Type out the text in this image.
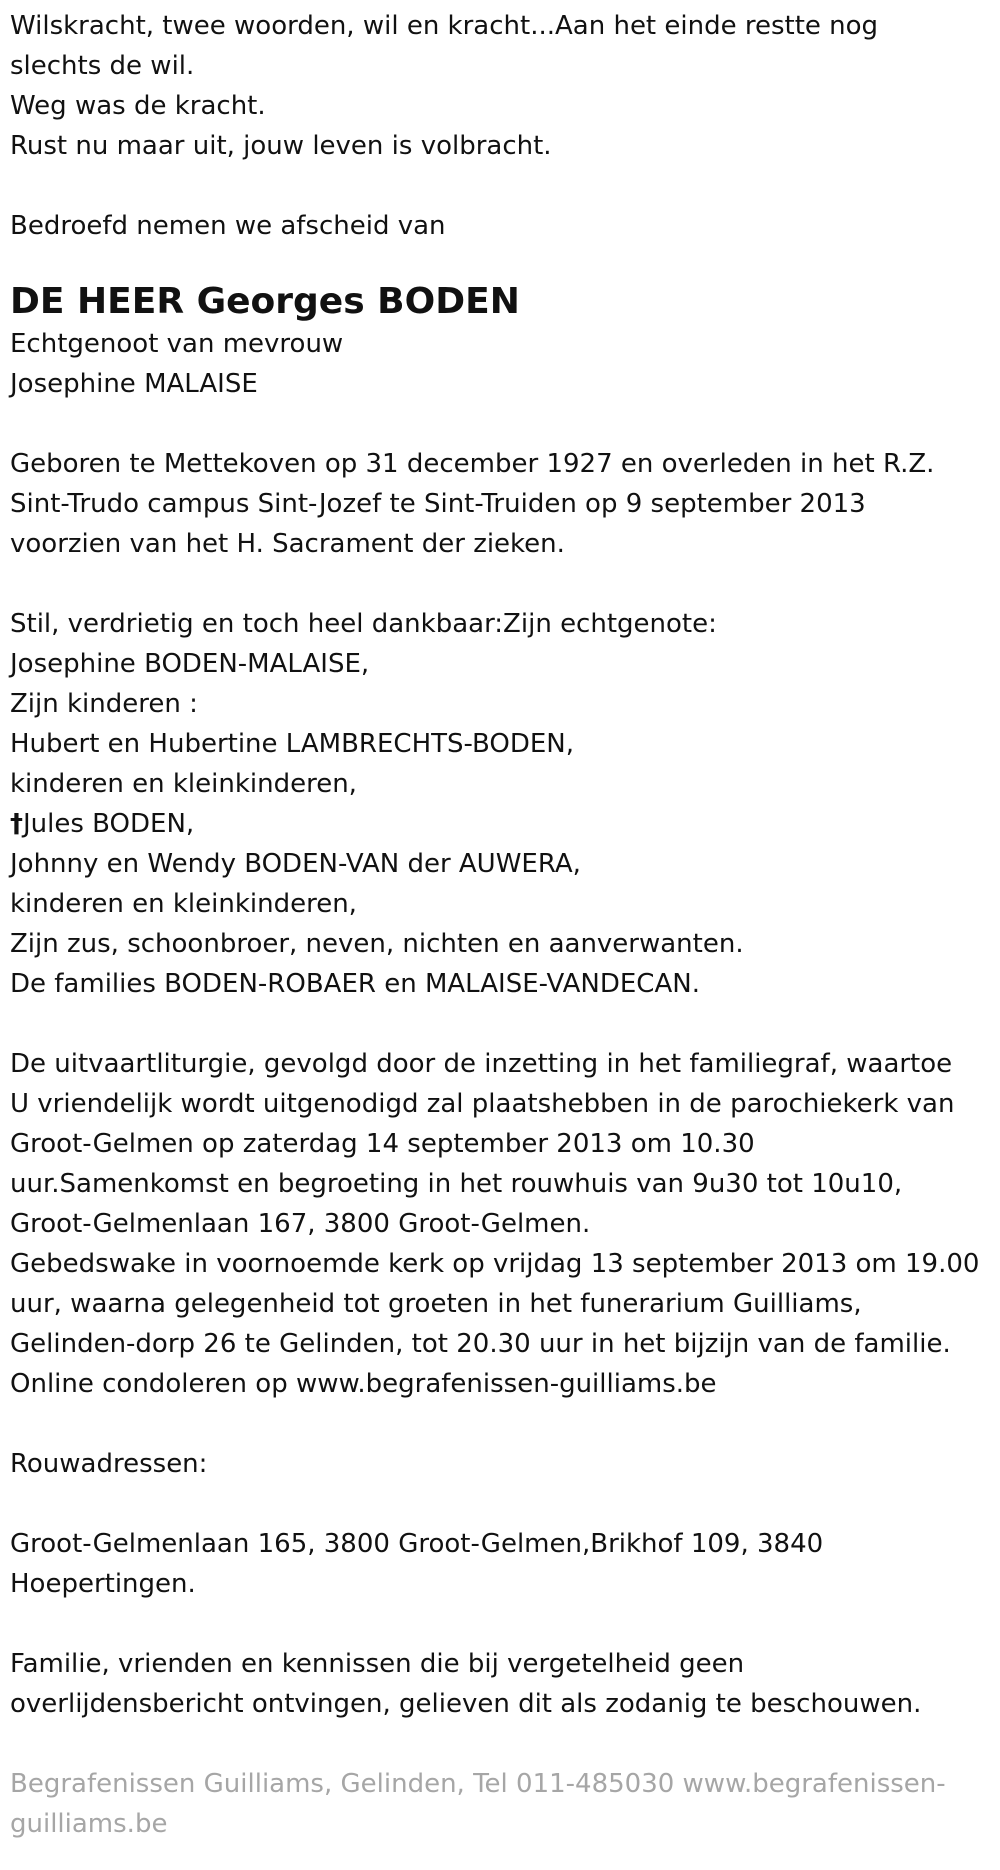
Wilskracht, twee woorden, wil en kracht...Aan het einde restte nog
slechts de wil.
Weg was de kracht.
Rust nu maar uit, jouw leven is volbracht.
Bedroefd nemen we afscheid van
DE HEER Georges BODEN
Echtgenoot van mevrouw
Josephine MALAISE
Geboren te Mettekoven op 31 december 1927 en overleden in het R.Z.
Sint-Trudo campus Sint-Jozef te Sint-Truiden op 9 september 2013
voorzien van het H. Sacrament der zieken.
Stil, verdrietig en toch heel dankbaar:Zijn echtgenote:
Josephine BODEN-MALAISE,
Zijn kinderen :
Hubert en Hubertine LAMBRECHTS-BODEN,
kinderen en kleinkinderen,
†Jules BODEN,
Johnny en Wendy BODEN-VAN der AUWERA,
kinderen en kleinkinderen,
Zijn zus, schoonbroer, neven, nichten en aanverwanten.
De families BODEN-ROBAER en MALAISE-VANDECAN.
De uitvaartliturgie, gevolgd door de inzetting in het familiegraf, waartoe
U vriendelijk wordt uitgenodigd zal plaatshebben in de parochiekerk van
Groot-Gelmen op zaterdag 14 september 2013 om 10.30
uur.Samenkomst en begroeting in het rouwhuis van 9u30 tot 10u10,
Groot-Gelmenlaan 167, 3800 Groot-Gelmen.
Gebedswake in voornoemde kerk op vrijdag 13 september 2013 om 19.00
uur, waarna gelegenheid tot groeten in het funerarium Guilliams,
Gelinden-dorp 26 te Gelinden, tot 20.30 uur in het bijzijn van de familie.
Online condoleren op www.begrafenissen-guilliams.be
Rouwadressen:
Groot-Gelmenlaan 165, 3800 Groot-Gelmen,Brikhof 109, 3840
Hoepertingen.
Familie, vrienden en kennissen die bij vergetelheid geen
overlijdensbericht ontvingen, gelieven dit als zodanig te beschouwen.
Begrafenissen Guilliams, Gelinden, Tel 011-485030 www.begrafenissen-
guilliams.be
